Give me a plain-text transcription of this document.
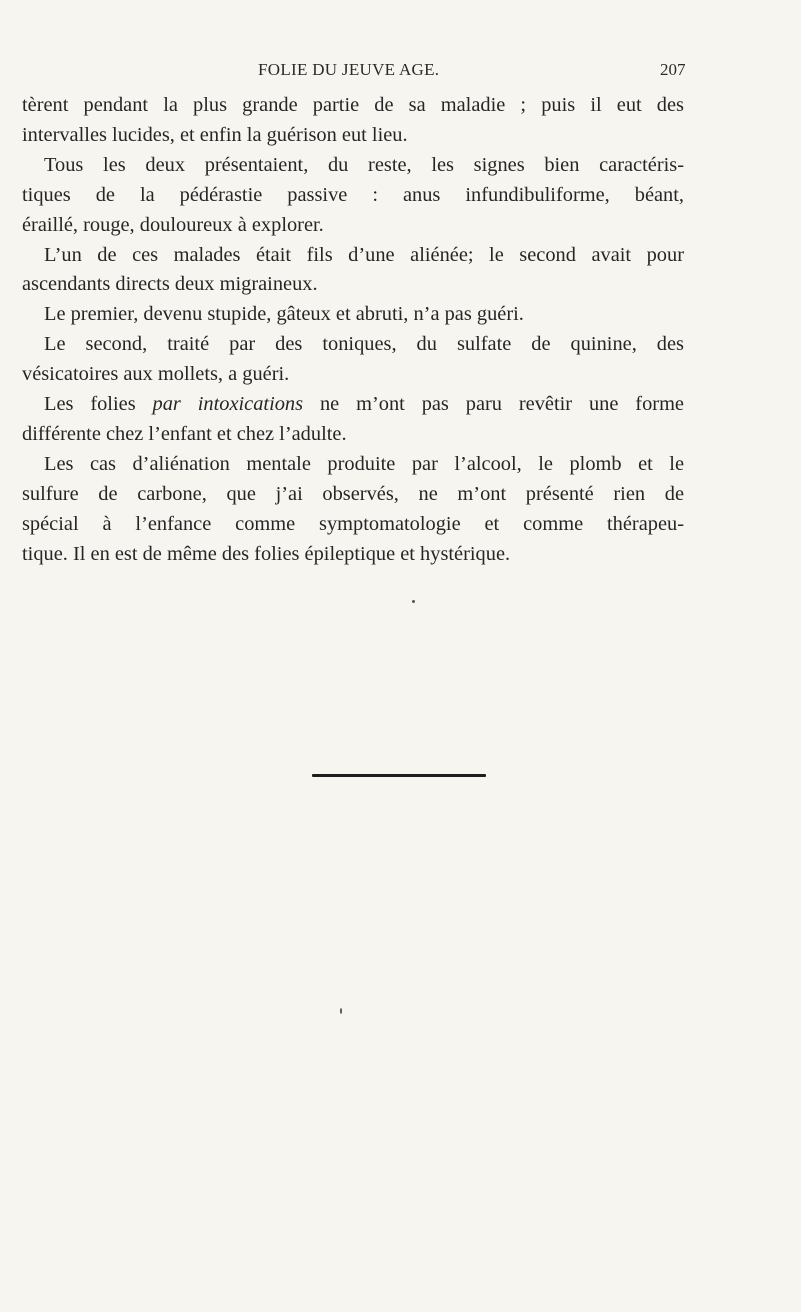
FOLIE DU JEUVE AGE.	207
tèrent pendant la plus grande partie de sa maladie ; puis il eut des
intervalles lucides, et enfin la guérison eut lieu.
Tous les deux présentaient, du reste, les signes bien caractéris-
tiques de la pédérastie passive : anus infundibuliforme, béant,
éraillé, rouge, douloureux à explorer.
L’un de ces malades était fils d’une aliénée; le second avait pour
ascendants directs deux migraineux.
Le premier, devenu stupide, gâteux et abruti, n’a pas guéri.
Le second, traité par des toniques, du sulfate de quinine, des
vésicatoires aux mollets, a guéri.
Les folies par intoxications ne m’ont pas paru revêtir une forme
différente chez l’enfant et chez l’adulte.
Les cas d’aliénation mentale produite par l’alcool, le plomb et le
sulfure de carbone, que j’ai observés, ne m’ont présenté rien de
spécial à l’enfance comme symptomatologie et comme thérapeu-
tique. Il en est de même des folies épileptique et hystérique.
